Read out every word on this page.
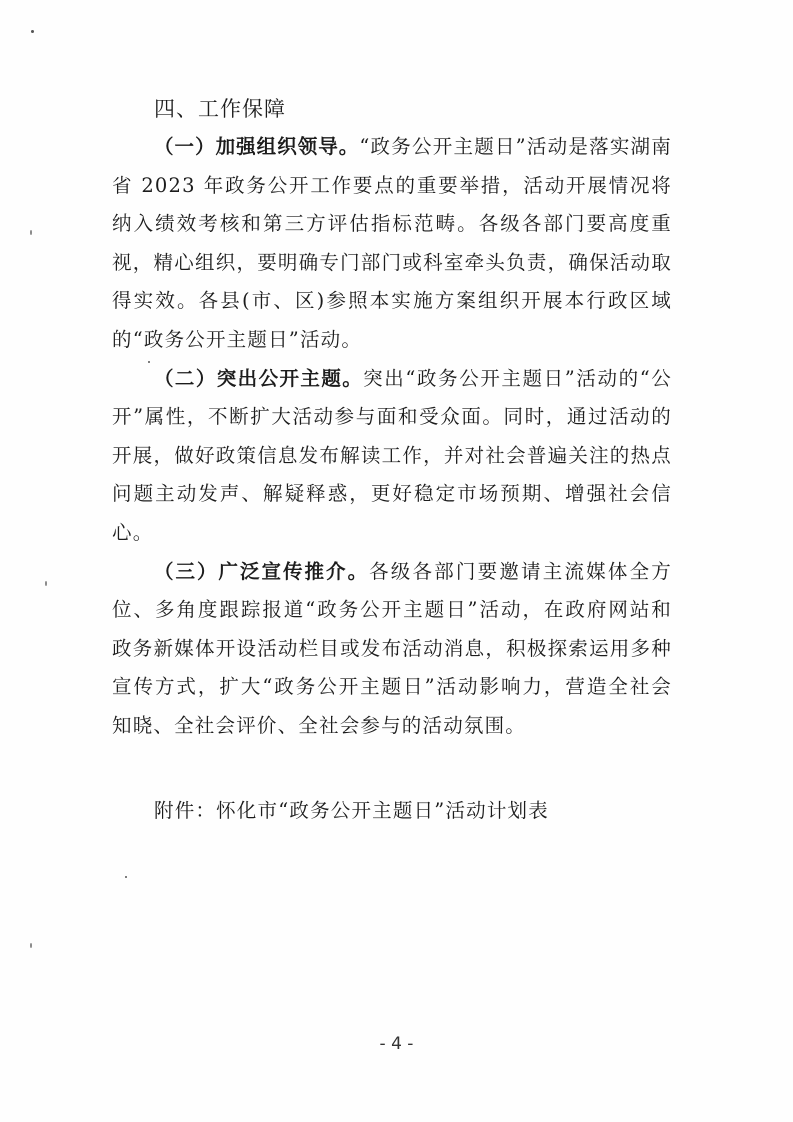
四、工作保障

（一）加强组织领导。“政务公开主题日”活动是落实湖南省 2023 年政务公开工作要点的重要举措，活动开展情况将纳入绩效考核和第三方评估指标范畴。各级各部门要高度重视，精心组织，要明确专门部门或科室牵头负责，确保活动取得实效。各县(市、区)参照本实施方案组织开展本行政区域的“政务公开主题日”活动。

（二）突出公开主题。突出“政务公开主题日”活动的“公开”属性，不断扩大活动参与面和受众面。同时，通过活动的开展，做好政策信息发布解读工作，并对社会普遍关注的热点问题主动发声、解疑释惑，更好稳定市场预期、增强社会信心。

（三）广泛宣传推介。各级各部门要邀请主流媒体全方位、多角度跟踪报道“政务公开主题日”活动，在政府网站和政务新媒体开设活动栏目或发布活动消息，积极探索运用多种宣传方式，扩大“政务公开主题日”活动影响力，营造全社会知晓、全社会评价、全社会参与的活动氛围。

附件：怀化市“政务公开主题日”活动计划表

- 4 -
